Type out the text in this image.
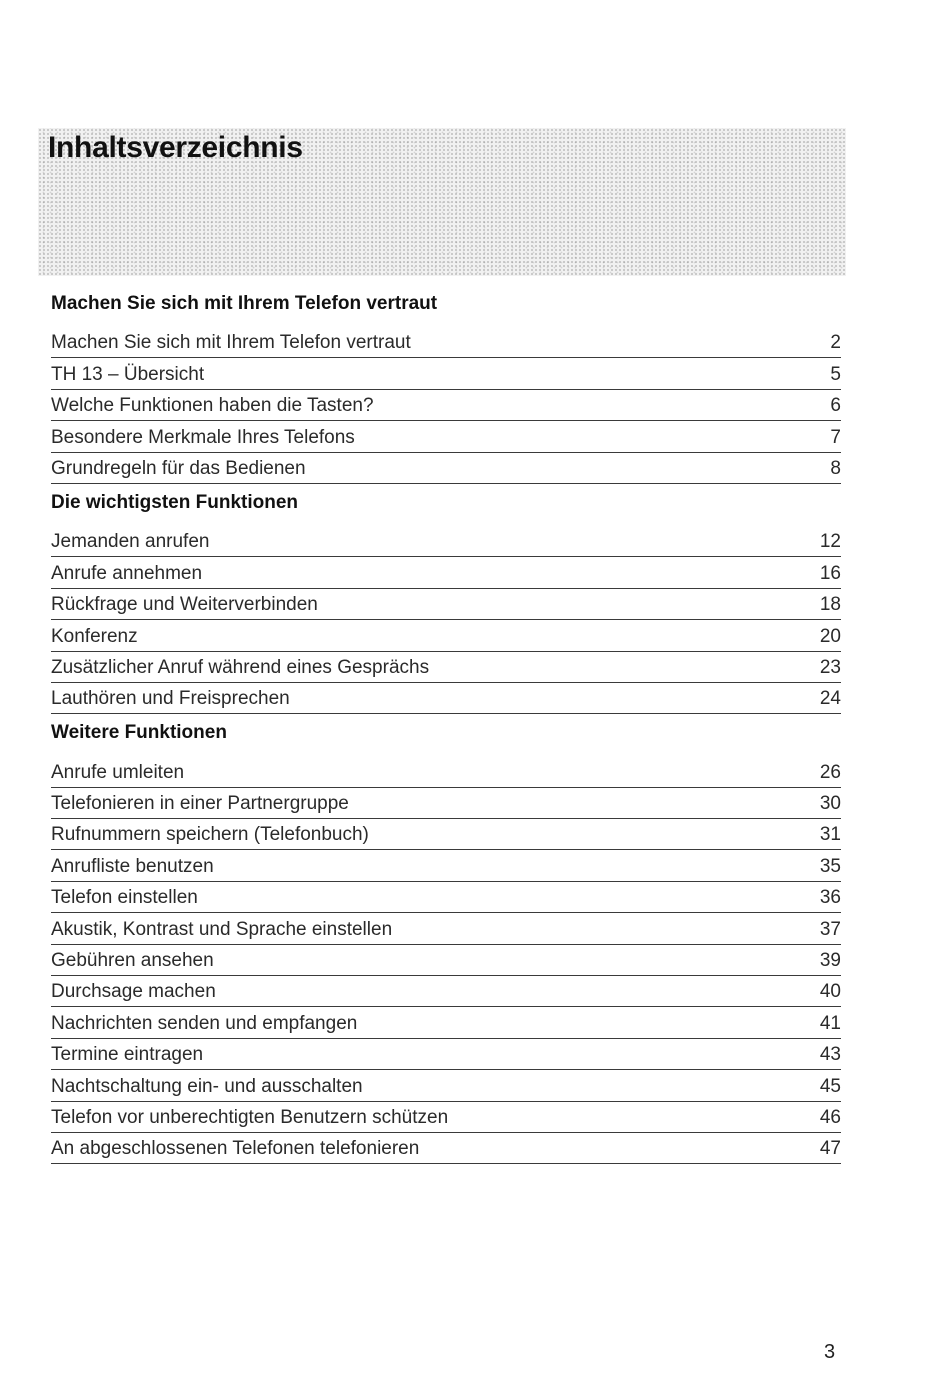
Inhaltsverzeichnis
Machen Sie sich mit Ihrem Telefon vertraut
Machen Sie sich mit Ihrem Telefon vertraut	2
TH 13 – Übersicht	5
Welche Funktionen haben die Tasten?	6
Besondere Merkmale Ihres Telefons	7
Grundregeln für das Bedienen	8
Die wichtigsten Funktionen
Jemanden anrufen	12
Anrufe annehmen	16
Rückfrage und Weiterverbinden	18
Konferenz	20
Zusätzlicher Anruf während eines Gesprächs	23
Lauthören und Freisprechen	24
Weitere Funktionen
Anrufe umleiten	26
Telefonieren in einer Partnergruppe	30
Rufnummern speichern (Telefonbuch)	31
Anrufliste benutzen	35
Telefon einstellen	36
Akustik, Kontrast und Sprache einstellen	37
Gebühren ansehen	39
Durchsage machen	40
Nachrichten senden und empfangen	41
Termine eintragen	43
Nachtschaltung ein- und ausschalten	45
Telefon vor unberechtigten Benutzern schützen	46
An abgeschlossenen Telefonen telefonieren	47
3
